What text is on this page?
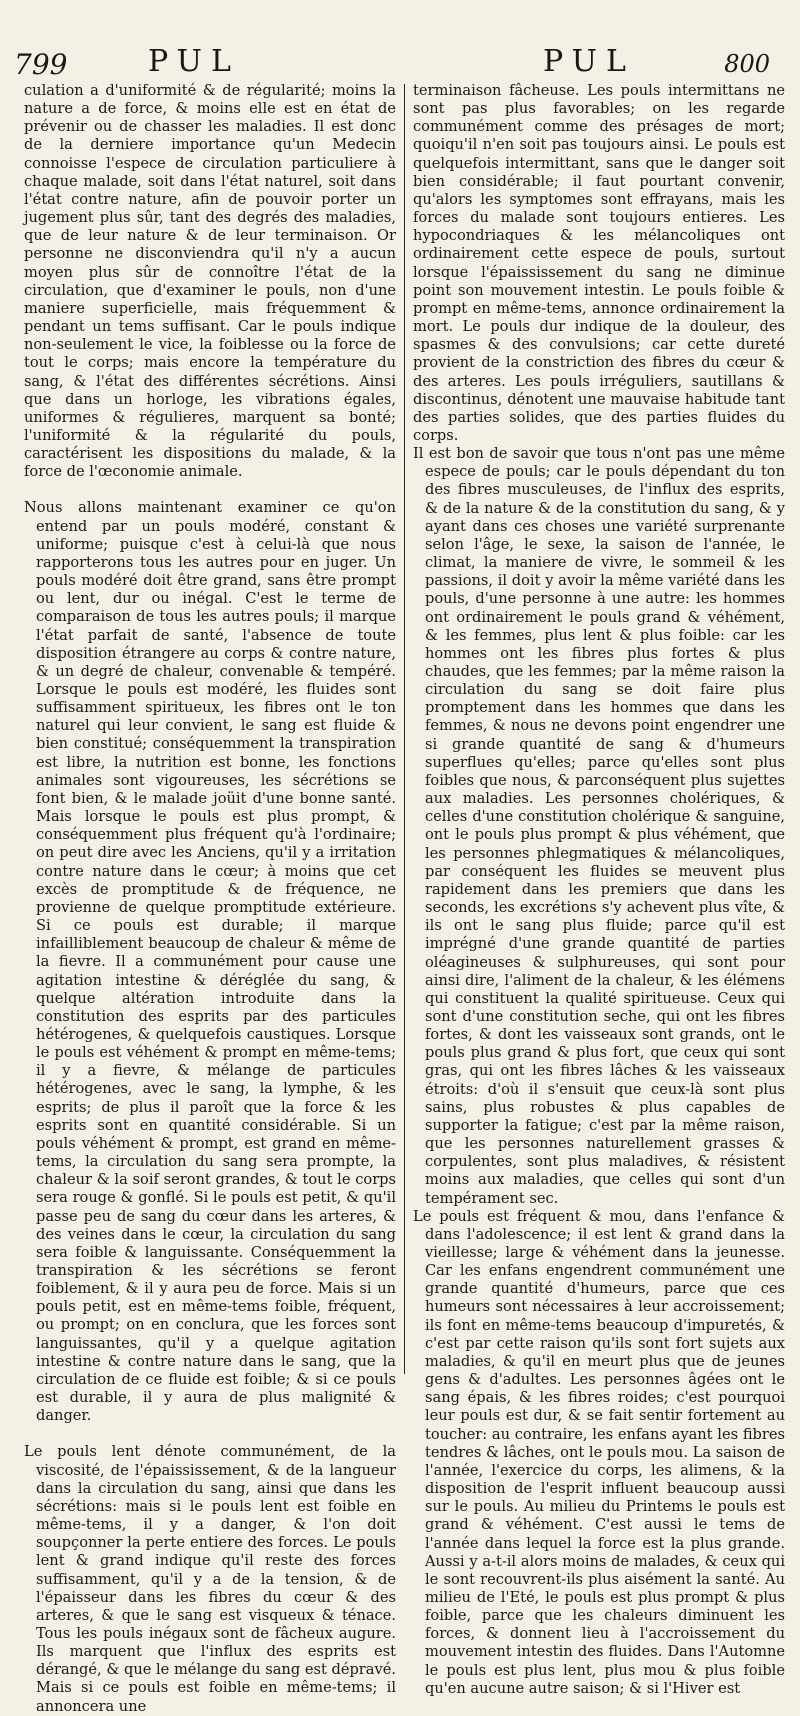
799	PUL	PUL	800

culation a d'uniformité & de régularité; moins la nature a de force, & moins elle est en état de prévenir ou de chasser les maladies. Il est donc de la derniere importance qu'un Medecin connoisse l'espece de circulation particuliere à chaque malade, soit dans l'état naturel, soit dans l'état contre nature, afin de pouvoir porter un jugement plus sûr, tant des degrés des maladies, que de leur nature & de leur terminaison. Or personne ne disconviendra qu'il n'y a aucun moyen plus sûr de connoître l'état de la circulation, que d'examiner le pouls, non d'une maniere superficielle, mais fréquemment & pendant un tems suffisant. Car le pouls indique non-seulement le vice, la foiblesse ou la force de tout le corps; mais encore la température du sang, & l'état des différentes sécrétions. Ainsi que dans un horloge, les vibrations égales, uniformes & régulieres, marquent sa bonté; l'uniformité & la régularité du pouls, caractérisent les dispositions du malade, & la force de l'œconomie animale.

Nous allons maintenant examiner ce qu'on entend par un pouls modéré, constant & uniforme; puisque c'est à celui-là que nous rapporterons tous les autres pour en juger. Un pouls modéré doit être grand, sans être prompt ou lent, dur ou inégal. C'est le terme de comparaison de tous les autres pouls; il marque l'état parfait de santé, l'absence de toute disposition étrangere au corps & contre nature, & un degré de chaleur, convenable & tempéré. Lorsque le pouls est modéré, les fluides sont suffisamment spiritueux, les fibres ont le ton naturel qui leur convient, le sang est fluide & bien constitué; conséquemment la transpiration est libre, la nutrition est bonne, les fonctions animales sont vigoureuses, les sécrétions se font bien, & le malade joüit d'une bonne santé. Mais lorsque le pouls est plus prompt, & conséquemment plus fréquent qu'à l'ordinaire; on peut dire avec les Anciens, qu'il y a irritation contre nature dans le cœur; à moins que cet excès de promptitude & de fréquence, ne provienne de quelque promptitude extérieure. Si ce pouls est durable; il marque infailliblement beaucoup de chaleur & même de la fievre. Il a communément pour cause une agitation intestine & déréglée du sang, & quelque altération introduite dans la constitution des esprits par des particules hétérogenes, & quelquefois caustiques. Lorsque le pouls est véhément & prompt en même-tems; il y a fievre, & mélange de particules hétérogenes, avec le sang, la lymphe, & les esprits; de plus il paroît que la force & les esprits sont en quantité considérable. Si un pouls véhément & prompt, est grand en même-tems, la circulation du sang sera prompte, la chaleur & la soif seront grandes, & tout le corps sera rouge & gonflé. Si le pouls est petit, & qu'il passe peu de sang du cœur dans les arteres, & des veines dans le cœur, la circulation du sang sera foible & languissante. Conséquemment la transpiration & les sécrétions se feront foiblement, & il y aura peu de force. Mais si un pouls petit, est en même-tems foible, fréquent, ou prompt; on en conclura, que les forces sont languissantes, qu'il y a quelque agitation intestine & contre nature dans le sang, que la circulation de ce fluide est foible; & si ce pouls est durable, il y aura de plus malignité & danger.

Le pouls lent dénote communément, de la viscosité, de l'épaississement, & de la langueur dans la circulation du sang, ainsi que dans les sécrétions: mais si le pouls lent est foible en même-tems, il y a danger, & l'on doit soupçonner la perte entiere des forces. Le pouls lent & grand indique qu'il reste des forces suffisamment, qu'il y a de la tension, & de l'épaisseur dans les fibres du cœur & des arteres, & que le sang est visqueux & ténace. Tous les pouls inégaux sont de fâcheux augure. Ils marquent que l'influx des esprits est dérangé, & que le mélange du sang est dépravé. Mais si ce pouls est foible en même-tems; il annoncera une

terminaison fâcheuse. Les pouls intermittans ne sont pas plus favorables; on les regarde communément comme des présages de mort; quoiqu'il n'en soit pas toujours ainsi. Le pouls est quelquefois intermittant, sans que le danger soit bien considérable; il faut pourtant convenir, qu'alors les symptomes sont effrayans, mais les forces du malade sont toujours entieres. Les hypocondriaques & les mélancoliques ont ordinairement cette espece de pouls, surtout lorsque l'épaississement du sang ne diminue point son mouvement intestin. Le pouls foible & prompt en même-tems, annonce ordinairement la mort. Le pouls dur indique de la douleur, des spasmes & des convulsions; car cette dureté provient de la constriction des fibres du cœur & des arteres. Les pouls irréguliers, sautillans & discontinus, dénotent une mauvaise habitude tant des parties solides, que des parties fluides du corps.

Il est bon de savoir que tous n'ont pas une même espece de pouls; car le pouls dépendant du ton des fibres musculeuses, de l'influx des esprits, & de la nature & de la constitution du sang, & y ayant dans ces choses une variété surprenante selon l'âge, le sexe, la saison de l'année, le climat, la maniere de vivre, le sommeil & les passions, il doit y avoir la même variété dans les pouls, d'une personne à une autre: les hommes ont ordinairement le pouls grand & véhément, & les femmes, plus lent & plus foible: car les hommes ont les fibres plus fortes & plus chaudes, que les femmes; par la même raison la circulation du sang se doit faire plus promptement dans les hommes que dans les femmes, & nous ne devons point engendrer une si grande quantité de sang & d'humeurs superflues qu'elles; parce qu'elles sont plus foibles que nous, & parconséquent plus sujettes aux maladies. Les personnes cholériques, & celles d'une constitution cholérique & sanguine, ont le pouls plus prompt & plus véhément, que les personnes phlegmatiques & mélancoliques, par conséquent les fluides se meuvent plus rapidement dans les premiers que dans les seconds, les excrétions s'y achevent plus vîte, & ils ont le sang plus fluide; parce qu'il est imprégné d'une grande quantité de parties oléagineuses & sulphureuses, qui sont pour ainsi dire, l'aliment de la chaleur, & les élémens qui constituent la qualité spiritueuse. Ceux qui sont d'une constitution seche, qui ont les fibres fortes, & dont les vaisseaux sont grands, ont le pouls plus grand & plus fort, que ceux qui sont gras, qui ont les fibres lâches & les vaisseaux étroits: d'où il s'ensuit que ceux-là sont plus sains, plus robustes & plus capables de supporter la fatigue; c'est par la même raison, que les personnes naturellement grasses & corpulentes, sont plus maladives, & résistent moins aux maladies, que celles qui sont d'un tempérament sec.

Le pouls est fréquent & mou, dans l'enfance & dans l'adolescence; il est lent & grand dans la vieillesse; large & véhément dans la jeunesse. Car les enfans engendrent communément une grande quantité d'humeurs, parce que ces humeurs sont nécessaires à leur accroissement; ils font en même-tems beaucoup d'impuretés, & c'est par cette raison qu'ils sont fort sujets aux maladies, & qu'il en meurt plus que de jeunes gens & d'adultes. Les personnes âgées ont le sang épais, & les fibres roides; c'est pourquoi leur pouls est dur, & se fait sentir fortement au toucher: au contraire, les enfans ayant les fibres tendres & lâches, ont le pouls mou. La saison de l'année, l'exercice du corps, les alimens, & la disposition de l'esprit influent beaucoup aussi sur le pouls. Au milieu du Printems le pouls est grand & véhément. C'est aussi le tems de l'année dans lequel la force est la plus grande. Aussi y a-t-il alors moins de malades, & ceux qui le sont recouvrent-ils plus aisément la santé. Au milieu de l'Eté, le pouls est plus prompt & plus foible, parce que les chaleurs diminuent les forces, & donnent lieu à l'accroissement du mouvement intestin des fluides. Dans l'Automne le pouls est plus lent, plus mou & plus foible qu'en aucune autre saison; & si l'Hiver est
